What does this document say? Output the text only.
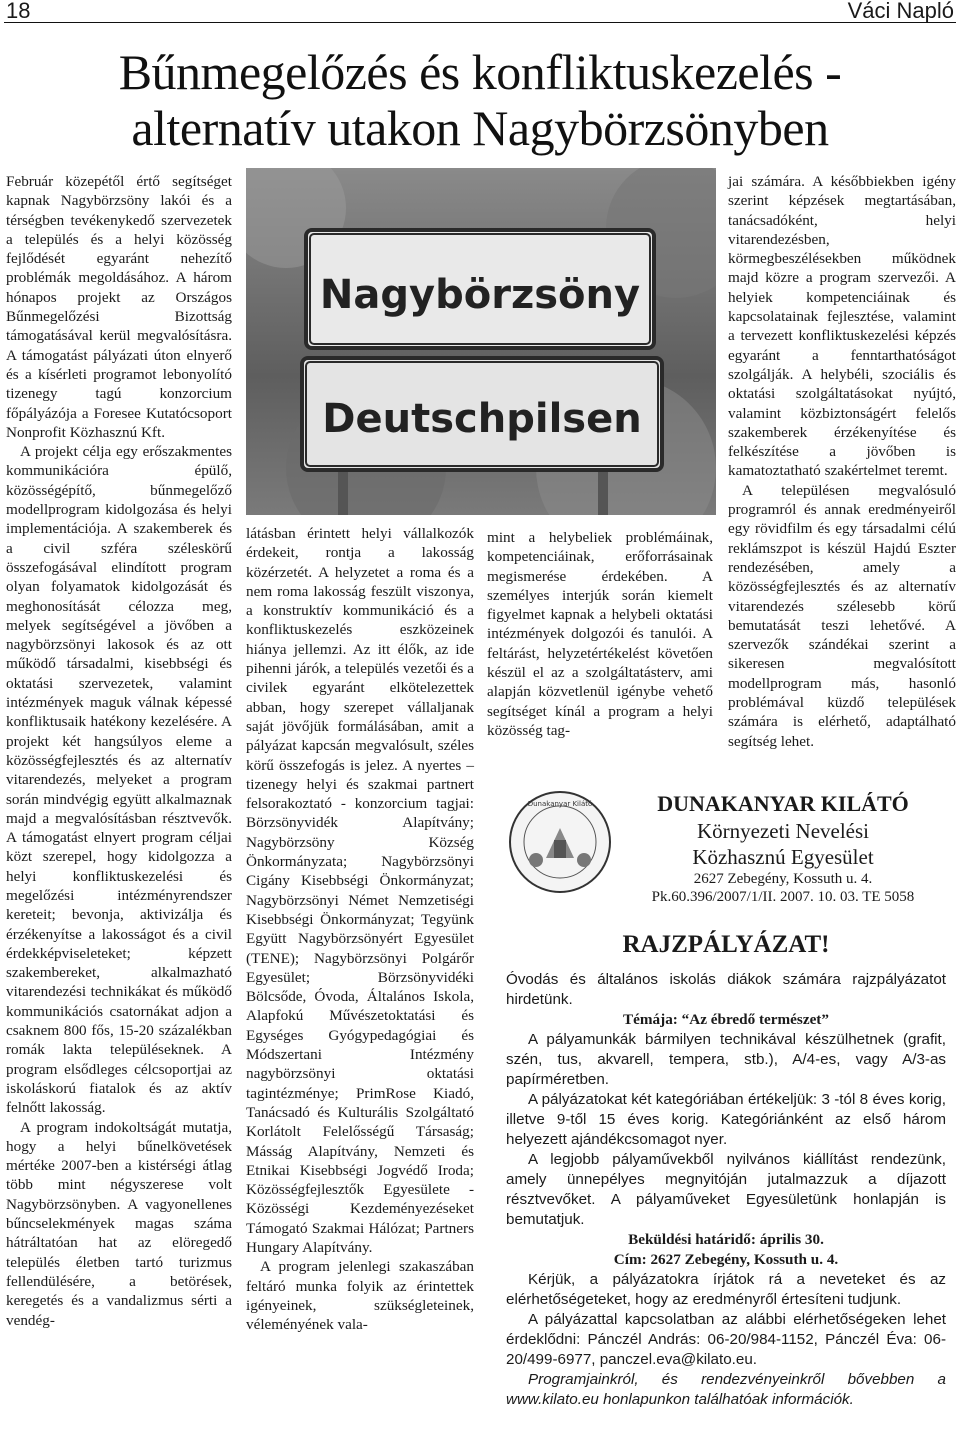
18	Váci Napló
Bűnmegelőzés és konfliktuskezelés -
alternatív utakon Nagybörzsönyben

Február közepétől értő segítséget kapnak Nagybörzsöny lakói és a térségben tevékenykedő szervezetek a település és a helyi közösség fejlődését egyaránt nehezítő problémák megoldásához. A három hónapos projekt az Országos Bűnmegelőzési Bizottság támogatásával kerül megvalósításra. A támogatást pályázati úton elnyerő és a kísérleti programot lebonyolító tizenegy tagú konzorcium főpályázója a Foresee Kutatócsoport Nonprofit Közhasznú Kft.

A projekt célja egy erőszakmentes kommunikációra épülő, közösségépítő, bűnmegelőző modellprogram kidolgozása és helyi implementációja. A szakemberek és a civil szféra széleskörű összefogásával elindított program olyan folyamatok kidolgozását és meghonosítását célozza meg, melyek segítségével a jövőben a nagybörzsönyi lakosok és az ott működő társadalmi, kisebbségi és oktatási szervezetek, valamint intézmények maguk válnak képessé konfliktusaik hatékony kezelésére. A projekt két hangsúlyos eleme a közösségfejlesztés és az alternatív vitarendezés, melyeket a program során mindvégig együtt alkalmaznak majd a megvalósításban résztvevők. A támogatást elnyert program céljai közt szerepel, hogy kidolgozza a helyi konfliktuskezelési és megelőzési intézményrendszer kereteit; bevonja, aktivizálja és érzékenyítse a lakosságot és a civil érdekképviseleteket; képzett szakembereket, alkalmazható vitarendezési technikákat és működő kommunikációs csatornákat adjon a csaknem 800 fős, 15-20 százalékban romák lakta településeknek. A program elsődleges célcsoportjai az iskoláskorú fiatalok és az aktív felnőtt lakosság.

A program indokoltságát mutatja, hogy a helyi bűnelkövetések mértéke 2007-ben a kistérségi átlag több mint négyszerese volt Nagybörzsönyben. A vagyonellenes bűncselekmények magas száma hátráltatóan hat az elöregedő település életben tartó turizmus fellendülésére, a betörések, keregetés és a vandalizmus sérti a vendég-

Nagybörzsöny
Deutschpilsen

látásban érintett helyi vállalkozók érdekeit, rontja a lakosság közérzetét. A helyzetet a roma és a nem roma lakosság feszült viszonya, a konstruktív kommunikáció és a konfliktuskezelés eszközeinek hiánya jellemzi. Az itt élők, az ide pihenni járók, a település vezetői és a civilek egyaránt elkötelezettek abban, hogy szerepet vállaljanak saját jövőjük formálásában, amit a pályázat kapcsán megvalósult, széles körű összefogás is jelez. A nyertes – tizenegy helyi és szakmai partnert felsorakoztató - konzorcium tagjai: Börzsönyvidék Alapítvány; Nagybörzsöny Község Önkormányzata; Nagybörzsönyi Cigány Kisebbségi Önkormányzat; Nagybörzsönyi Német Nemzetiségi Kisebbségi Önkormányzat; Tegyünk Együtt Nagybörzsönyért Egyesület (TENE); Nagybörzsönyi Polgárőr Egyesület; Börzsönyvidéki Bölcsőde, Óvoda, Általános Iskola, Alapfokú Művészetoktatási és Egységes Gyógypedagógiai és Módszertani Intézmény nagybörzsönyi oktatási tagintézménye; PrimRose Kiadó, Tanácsadó és Kulturális Szolgáltató Korlátolt Felelősségű Társaság; Másság Alapítvány, Nemzeti és Etnikai Kisebbségi Jogvédő Iroda; Közösségfejlesztők Egyesülete - Közösségi Kezdeményezéseket Támogató Szakmai Hálózat; Partners Hungary Alapítvány.

A program jelenlegi szakaszában feltáró munka folyik az érintettek igényeinek, szükségleteinek, véleményének vala-

mint a helybeliek problémáinak, kompetenciáinak, erőforrásainak megismerése érdekében. A személyes interjúk során kiemelt figyelmet kapnak a helybeli oktatási intézmények dolgozói és tanulói. A feltárást, helyzetértékelést követően készül el az a szolgáltatásterv, ami alapján közvetlenül igénybe vehető segítséget kínál a program a helyi közösség tag-

jai számára. A későbbiekben igény szerint képzések megtartásában, tanácsadóként, helyi vitarendezésben, körmegbeszélésekben működnek majd közre a program szervezői. A helyiek kompetenciáinak és kapcsolatainak fejlesztése, valamint a tervezett konfliktuskezelési képzés egyaránt a fenntarthatóságot szolgálják. A helybéli, szociális és oktatási szolgáltatásokat nyújtó, valamint közbiztonságért felelős szakemberek érzékenyítése és felkészítése a jövőben is kamatoztatható szakértelmet teremt.

A településen megvalósuló programról és annak eredményeiről egy rövidfilm és egy társadalmi célú reklámszpot is készül Hajdú Eszter rendezésében, amely a közösségfejlesztés és az alternatív vitarendezés szélesebb körű bemutatását teszi lehetővé. A szervezők szándékai szerint a sikeresen megvalósított modellprogram más, hasonló problémával küzdő települések számára is elérhető, adaptálható segítség lehet.

Dunakanyar Kilátó	DUNAKANYAR KILÁTÓ
Környezeti Nevelési
Közhasznú Egyesület
2627 Zebegény, Kossuth u. 4.
Pk.60.396/2007/1/II. 2007. 10. 03. TE 5058
RAJZPÁLYÁZAT!

Óvodás és általános iskolás diákok számára rajzpályázatot hirdetünk.

Témája: “Az ébredő természet”

A pályamunkák bármilyen technikával készülhetnek (grafit, szén, tus, akvarell, tempera, stb.), A/4-es, vagy A/3-as papírméretben.

A pályázatokat két kategóriában értékeljük: 3 -tól 8 éves korig, illetve 9-től 15 éves korig. Kategóriánként az első három helyezett ajándékcsomagot nyer.

A legjobb pályaművekből nyilvános kiállítást rendezünk, amely ünnepélyes megnyitóján jutalmazzuk a díjazott résztvevőket. A pályaműveket Egyesületünk honlapján is bemutatjuk.

Beküldési határidő: április 30.

Cím: 2627 Zebegény, Kossuth u. 4.

Kérjük, a pályázatokra írjátok rá a neveteket és az elérhetőségeteket, hogy az eredményről értesíteni tudjunk.

A pályázattal kapcsolatban az alábbi elérhetőségeken lehet érdeklődni: Pánczél András: 06-20/984-1152, Pánczél Éva: 06-20/499-6977, panczel.eva@kilato.eu.

Programjainkról, és rendezvényeinkről bővebben a www.kilato.eu honlapunkon találhatóak információk.
